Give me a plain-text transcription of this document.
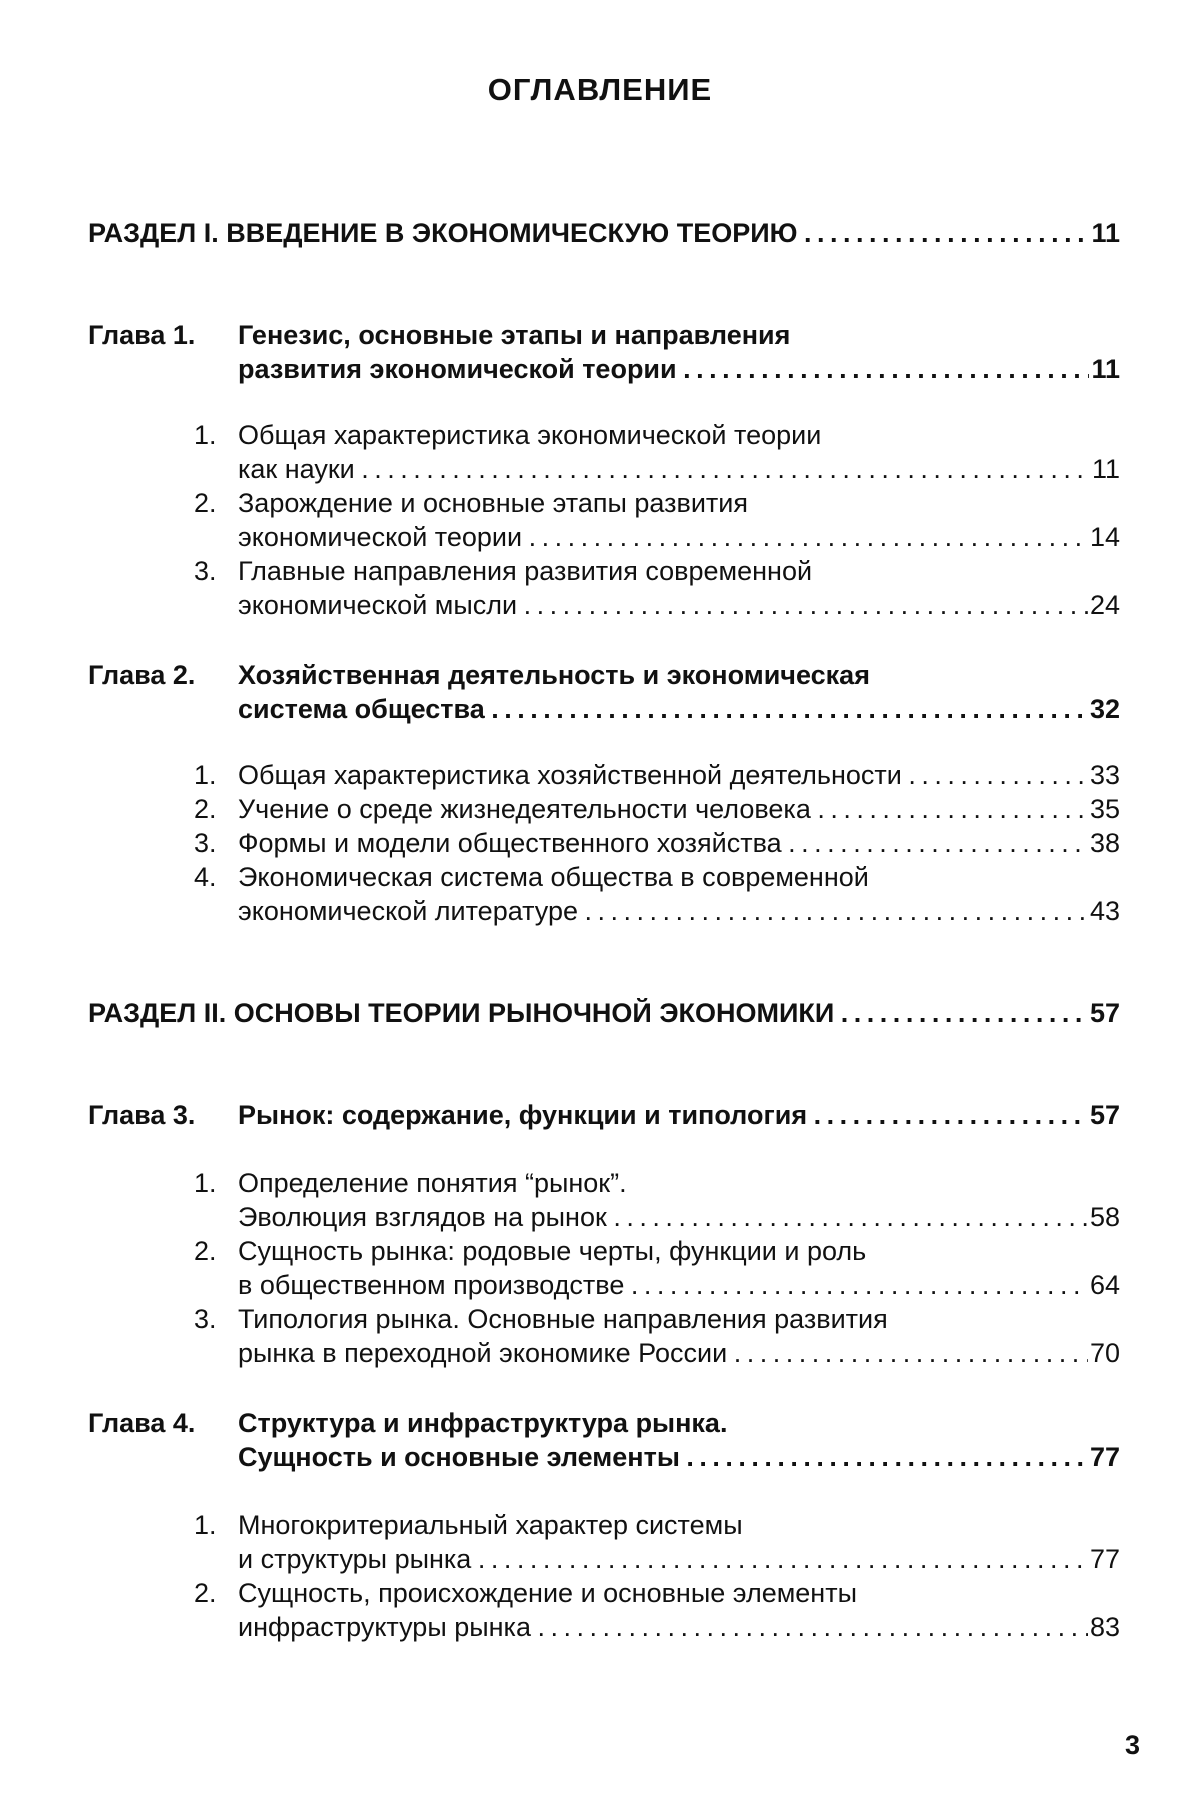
ОГЛАВЛЕНИЕ
РАЗДЕЛ I. ВВЕДЕНИЕ В ЭКОНОМИЧЕСКУЮ ТЕОРИЮ . . .	11
Глава 1. Генезис, основные этапы и направления
развития экономической теории . . .	11
1. Общая характеристика экономической теории
как науки . . .	11
2. Зарождение и основные этапы развития
экономической теории . . .	14
3. Главные направления развития современной
экономической мысли . . .	24
Глава 2. Хозяйственная деятельность и экономическая
система общества . . .	32
1. Общая характеристика хозяйственной деятельности . . .	33
2. Учение о среде жизнедеятельности человека . . .	35
3. Формы и модели общественного хозяйства . . .	38
4. Экономическая система общества в современной
экономической литературе . . .	43
РАЗДЕЛ II. ОСНОВЫ ТЕОРИИ РЫНОЧНОЙ ЭКОНОМИКИ . . .	57
Глава 3. Рынок: содержание, функции и типология . . .	57
1. Определение понятия “рынок”.
Эволюция взглядов на рынок . . .	58
2. Сущность рынка: родовые черты, функции и роль
в общественном производстве . . .	64
3. Типология рынка. Основные направления развития
рынка в переходной экономике России . . .	70
Глава 4. Структура и инфраструктура рынка.
Сущность и основные элементы . . .	77
1. Многокритериальный характер системы
и структуры рынка . . .	77
2. Сущность, происхождение и основные элементы
инфраструктуры рынка . . .	83
3
